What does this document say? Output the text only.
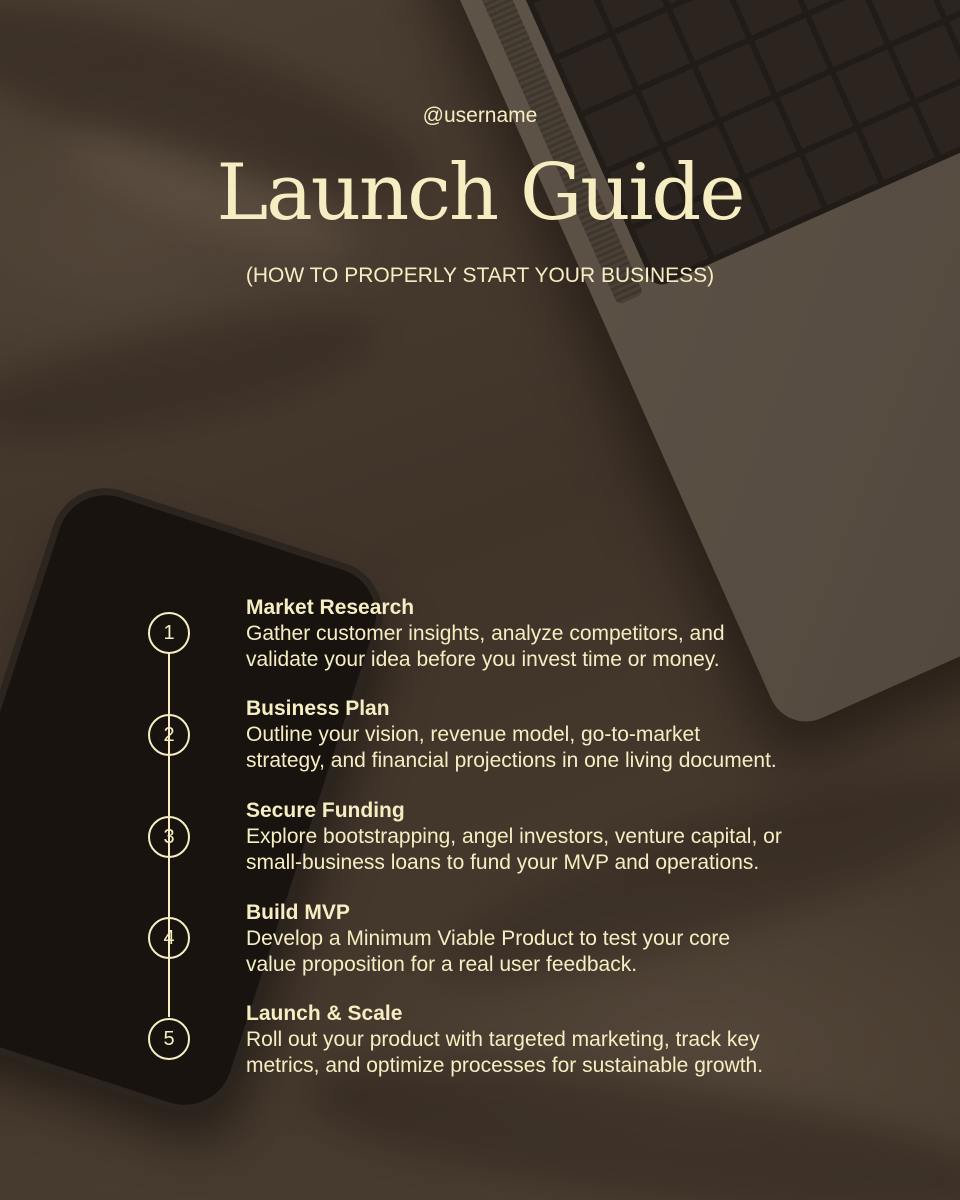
@username
Launch Guide
(HOW TO PROPERLY START YOUR BUSINESS)
1
Market Research
Gather customer insights, analyze competitors, and
validate your idea before you invest time or money.
2
Business Plan
Outline your vision, revenue model, go-to-market
strategy, and financial projections in one living document.
3
Secure Funding
Explore bootstrapping, angel investors, venture capital, or
small-business loans to fund your MVP and operations.
4
Build MVP
Develop a Minimum Viable Product to test your core
value proposition for a real user feedback.
5
Launch & Scale
Roll out your product with targeted marketing, track key
metrics, and optimize processes for sustainable growth.
